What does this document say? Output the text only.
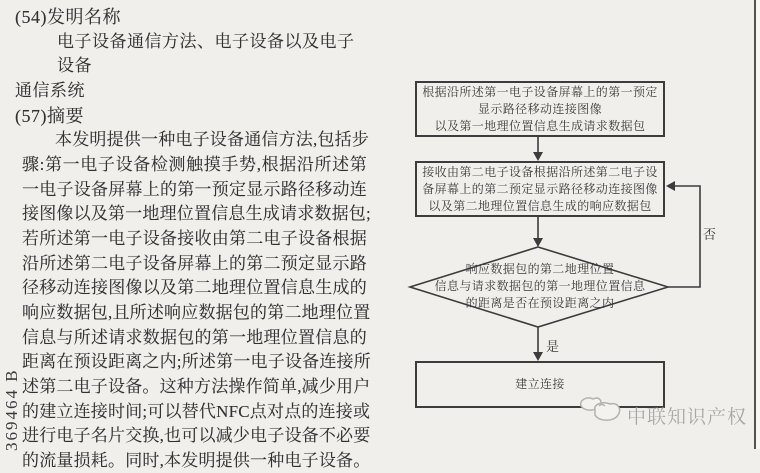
369464 B
(54)发明名称
电子设备通信方法、电子设备以及电子设备
通信系统
(57)摘要
本发明提供一种电子设备通信方法,包括步
骤:第一电子设备检测触摸手势,根据沿所述第
一电子设备屏幕上的第一预定显示路径移动连
接图像以及第一地理位置信息生成请求数据包;
若所述第一电子设备接收由第二电子设备根据
沿所述第二电子设备屏幕上的第二预定显示路
径移动连接图像以及第二地理位置信息生成的
响应数据包,且所述响应数据包的第二地理位置
信息与所述请求数据包的第一地理位置信息的
距离在预设距离之内;所述第一电子设备连接所
述第二电子设备。这种方法操作简单,减少用户
的建立连接时间;可以替代NFC点对点的连接或
进行电子名片交换,也可以减少电子设备不必要
的流量损耗。同时,本发明提供一种电子设备。
根据沿所述第一电子设备屏幕上的第一预定
显示路径移动连接图像
以及第一地理位置信息生成请求数据包
接收由第二电子设备根据沿所述第二电子设
备屏幕上的第二预定显示路径移动连接图像
以及第二地理位置信息生成的响应数据包
响应数据包的第二地理位置
信息与请求数据包的第一地理位置信息
的距离是否在预设距离之内
是
否
建立连接
中联知识产权
